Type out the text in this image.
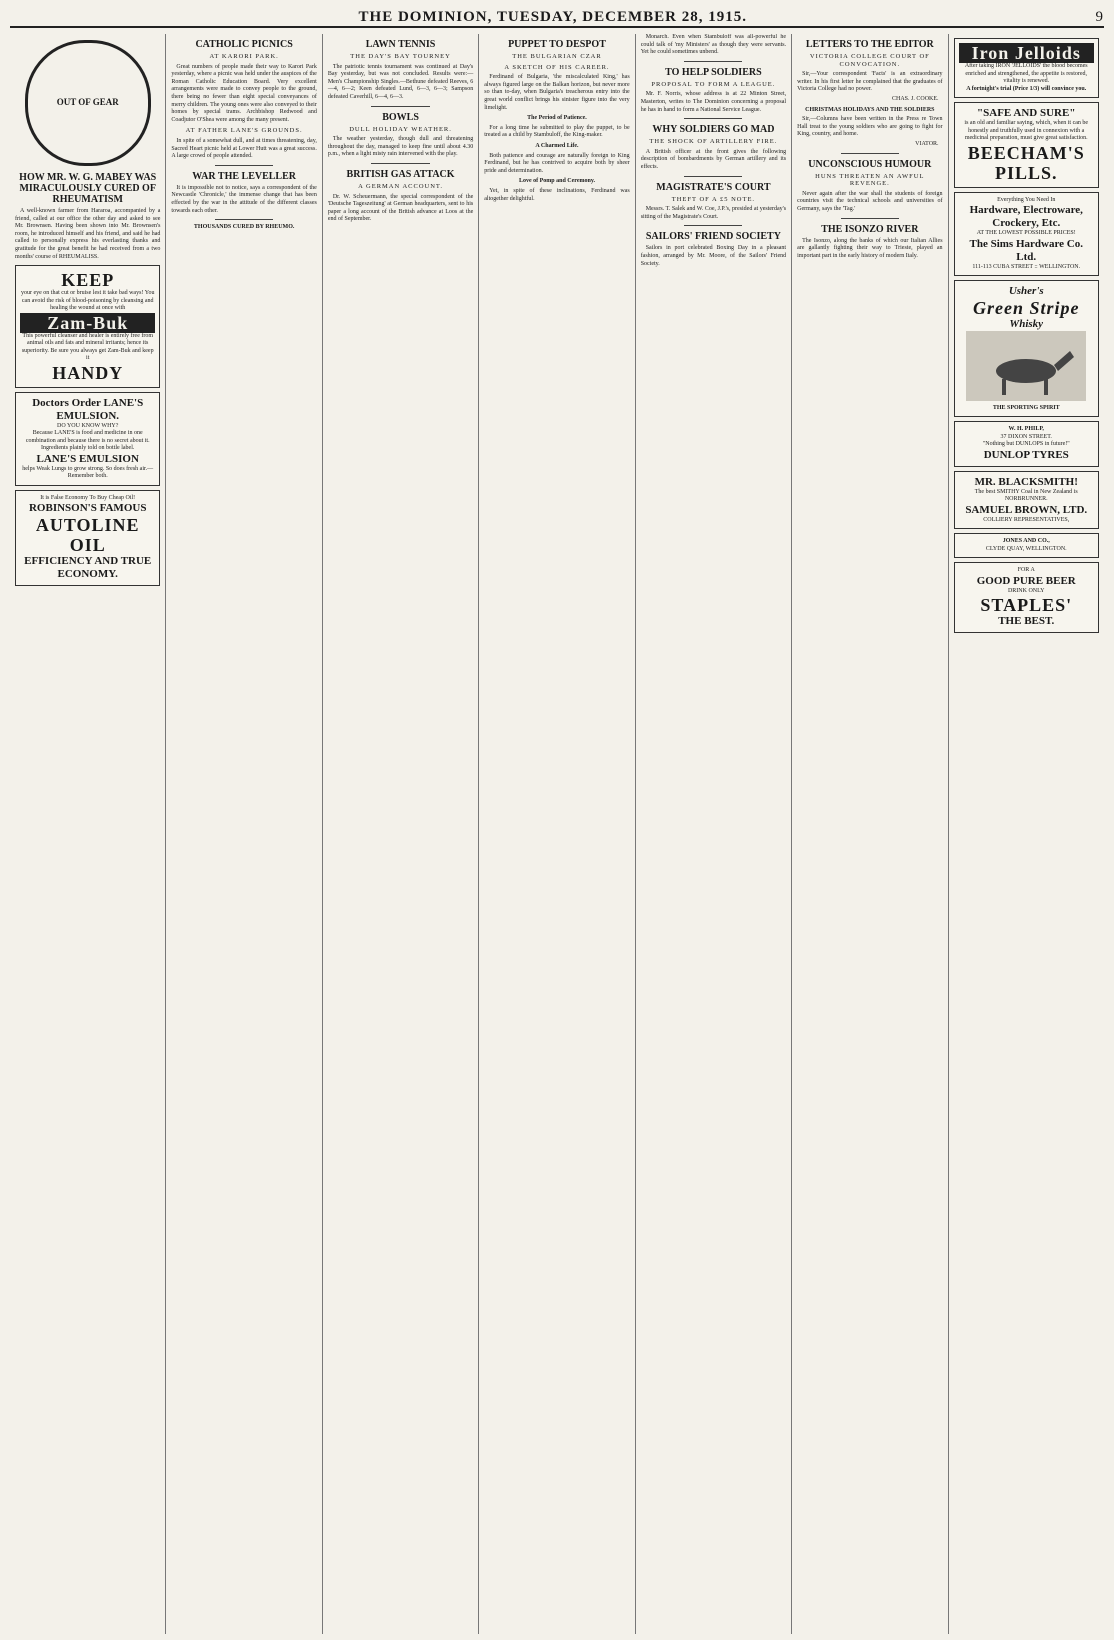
THE DOMINION, TUESDAY, DECEMBER 28, 1915.	9
OUT OF GEAR
HOW MR. W. G. MABEY WAS MIRACULOUSLY CURED OF RHEUMATISM

A well-known farmer from Hararoa, accompanied by a friend, called at our office the other day and asked to see Mr. Brownsen. Having been shown into Mr. Brownsen's room, he introduced himself and his friend, and said he had called to personally express his everlasting thanks and gratitude for the great benefit he had received from a two months' course of RHEUMALISS.

KEEP
your eye on that cut or bruise lest it take bad ways! You can avoid the risk of blood-poisoning by cleansing and healing the wound at once with
Zam-Buk
This powerful cleanser and healer is entirely free from animal oils and fats and mineral irritants; hence its superiority. Be sure you always get Zam-Buk and keep it
HANDY
Doctors Order LANE'S EMULSION.
DO YOU KNOW WHY?
Because LANE'S is food and medicine in one combination and because there is no secret about it. Ingredients plainly told on bottle label.
LANE'S EMULSION
helps Weak Lungs to grow strong. So does fresh air.—Remember both.
It is False Economy To Buy Cheap Oil!
ROBINSON'S FAMOUS
AUTOLINE
OIL
EFFICIENCY AND TRUE ECONOMY.
CATHOLIC PICNICS
AT KARORI PARK.

Great numbers of people made their way to Karori Park yesterday, where a picnic was held under the auspices of the Roman Catholic Education Board. Very excellent arrangements were made to convey people to the ground, there being no fewer than eight special conveyances of merry children. The young ones were also conveyed to their homes by special trams. Archbishop Redwood and Coadjutor O'Shea were among the many present.

AT FATHER LANE'S GROUNDS.

In spite of a somewhat dull, and at times threatening, day, Sacred Heart picnic held at Lower Hutt was a great success. A large crowd of people attended.

WAR THE LEVELLER

It is impossible not to notice, says a correspondent of the Newcastle 'Chronicle,' the immense change that has been effected by the war in the attitude of the different classes towards each other.

THOUSANDS CURED BY RHEUMO.
LAWN TENNIS
THE DAY'S BAY TOURNEY

The patriotic tennis tournament was continued at Day's Bay yesterday, but was not concluded. Results were:— Men's Championship Singles.—Bethune defeated Reeves, 6—4, 6—2; Keen defeated Lund, 6—3, 6—3; Sampson defeated Caverhill, 6—4, 6—3.

BOWLS
DULL HOLIDAY WEATHER.

The weather yesterday, though dull and threatening throughout the day, managed to keep fine until about 4.30 p.m., when a light misty rain intervened with the play.

BRITISH GAS ATTACK
A GERMAN ACCOUNT.

Dr. W. Scheuermann, the special correspondent of the 'Deutsche Tageszeitung' at German headquarters, sent to his paper a long account of the British advance at Loos at the end of September.

PUPPET TO DESPOT
THE BULGARIAN CZAR
A SKETCH OF HIS CAREER.

Ferdinand of Bulgaria, 'the miscalculated King,' has always figured large on the Balkan horizon, but never more so than to-day, when Bulgaria's treacherous entry into the great world conflict brings his sinister figure into the very limelight.

The Period of Patience.

For a long time he submitted to play the puppet, to be treated as a child by Stambuloff, the King-maker.

A Charmed Life.

Both patience and courage are naturally foreign to King Ferdinand, but he has contrived to acquire both by sheer pride and determination.

Love of Pomp and Ceremony.

Yet, in spite of these inclinations, Ferdinand was altogether delightful.

Monarch. Even when Stambuloff was all-powerful he could talk of 'my Ministers' as though they were servants. Yet he could sometimes unbend.

TO HELP SOLDIERS
PROPOSAL TO FORM A LEAGUE.

Mr. F. Norris, whose address is at 22 Minton Street, Masterton, writes to The Dominion concerning a proposal he has in hand to form a National Service League.

WHY SOLDIERS GO MAD
THE SHOCK OF ARTILLERY FIRE.

A British officer at the front gives the following description of bombardments by German artillery and its effects.

MAGISTRATE'S COURT
THEFT OF A £5 NOTE.

Messrs. T. Salek and W. Coe, J.P.'s, presided at yesterday's sitting of the Magistrate's Court.

SAILORS' FRIEND SOCIETY

Sailors in port celebrated Boxing Day in a pleasant fashion, arranged by Mr. Moore, of the Sailors' Friend Society.

LETTERS TO THE EDITOR
VICTORIA COLLEGE COURT OF CONVOCATION.

Sir,—Your correspondent 'Facts' is an extraordinary writer. In his first letter he complained that the graduates of Victoria College had no power.

CHAS. J. COOKE.
CHRISTMAS HOLIDAYS AND THE SOLDIERS

Sir,—Columns have been written in the Press re Town Hall treat to the young soldiers who are going to fight for King, country, and home.

VIATOR.
UNCONSCIOUS HUMOUR
HUNS THREATEN AN AWFUL REVENGE.

Never again after the war shall the students of foreign countries visit the technical schools and universities of Germany, says the 'Tag.'

THE ISONZO RIVER

The Isonzo, along the banks of which our Italian Allies are gallantly fighting their way to Trieste, played an important part in the early history of modern Italy.

Iron Jelloids
After taking IRON 'JELLOIDS' the blood becomes enriched and strengthened, the appetite is restored, vitality is renewed.
A fortnight's trial (Price 1/3) will convince you.
"SAFE AND SURE"
is an old and familiar saying, which, when it can be honestly and truthfully used in connexion with a medicinal preparation, must give great satisfaction.
BEECHAM'S PILLS.
Everything You Need In
Hardware, Electroware, Crockery, Etc.
AT THE LOWEST POSSIBLE PRICES!
The Sims Hardware Co. Ltd.
111-113 CUBA STREET :: WELLINGTON.
Usher's
Green Stripe
Whisky
THE SPORTING SPIRIT
W. H. PHILP,
37 DIXON STREET.
"Nothing but DUNLOPS in future!"
DUNLOP TYRES
MR. BLACKSMITH!
The best SMITHY Coal in New Zealand is NORBRUNNER.
SAMUEL BROWN, LTD.
COLLIERY REPRESENTATIVES,
JONES AND CO.,
CLYDE QUAY, WELLINGTON.
FOR A
GOOD PURE BEER
DRINK ONLY
STAPLES'
THE BEST.
